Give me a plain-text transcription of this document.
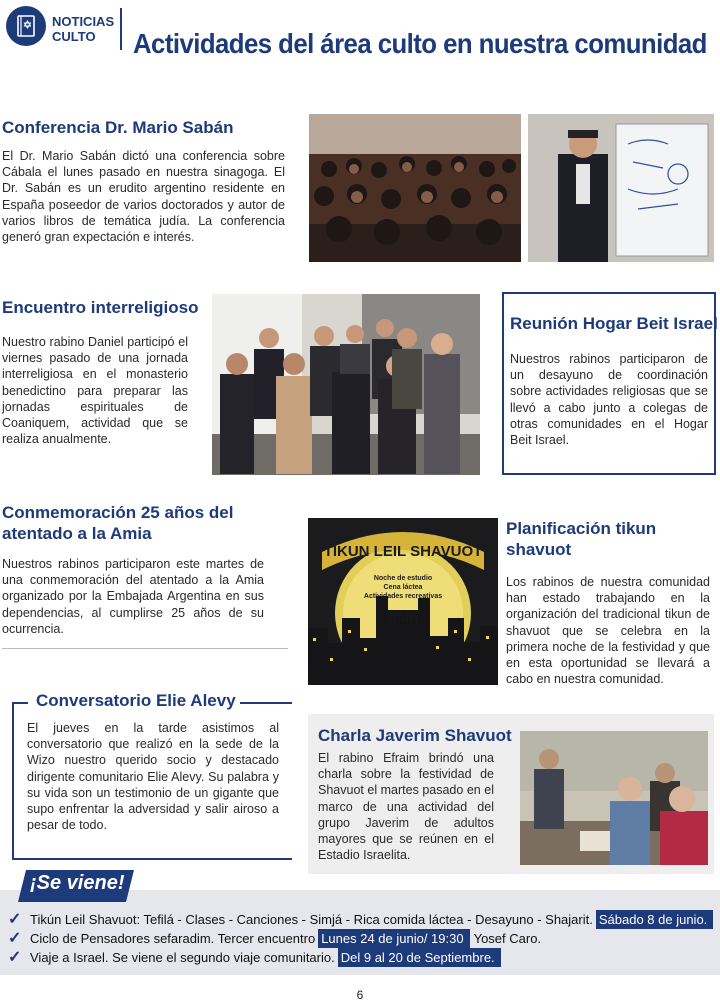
NOTICIAS
CULTO	Actividades del área culto en nuestra comunidad
Conferencia Dr. Mario Sabán

El Dr. Mario Sabán dictó una conferencia sobre Cábala el lunes pasado en nuestra sinagoga. El Dr. Sabán es un erudito argentino residente en España poseedor de varios doctorados y autor de varios libros de temática judía. La conferencia generó gran expectación e interés.

Encuentro interreligioso

Nuestro rabino Daniel participó el viernes pasado de una jornada interreligiosa en el monasterio benedictino para preparar las jornadas espirituales de Coaniquem, actividad que se realiza anualmente.

Reunión Hogar Beit Israel

Nuestros rabinos participaron de un desayuno de coordinación sobre actividades religiosas que se llevó a cabo junto a colegas de otras comunidades en el Hogar Beit Israel.

Conmemoración 25 años del atentado a la Amia

Nuestros rabinos participaron este martes de una conmemoración del atentado a la Amia organizado por la Embajada Argentina en sus dependencias, al cumplirse 25 años de su ocurrencia.

TIKUN LEIL SHAVUOT
Noche de estudio
Cena láctea
Actividades recreativas
תורה
Planificación tikun shavuot

Los rabinos de nuestra comunidad han estado trabajando en la organización del tradicional tikun de shavuot que se celebra en la primera noche de la festividad y que en esta oportunidad se llevará a cabo en nuestra comunidad.

Conversatorio Elie Alevy

El jueves en la tarde asistimos al conversatorio que realizó en la sede de la Wizo nuestro querido socio y destacado dirigente comunitario Elie Alevy. Su palabra y su vida son un testimonio de un gigante que supo enfrentar la adversidad y salir airoso a pesar de todo.

Charla Javerim Shavuot

El rabino Efraim brindó una charla sobre la festividad de Shavuot el martes pasado en el marco de una actividad del grupo Javerim de adultos mayores que se reúnen en el Estadio Israelita.

¡Se viene!
✓ Tikún Leil Shavuot: Tefilá - Clases - Canciones - Simjá - Rica comida láctea - Desayuno - Shajarit. Sábado 8 de junio.
✓ Ciclo de Pensadores sefaradim. Tercer encuentro Lunes 24 de junio/ 19:30 Yosef Caro.
✓ Viaje a Israel. Se viene el segundo viaje comunitario. Del 9 al 20 de Septiembre.
6
